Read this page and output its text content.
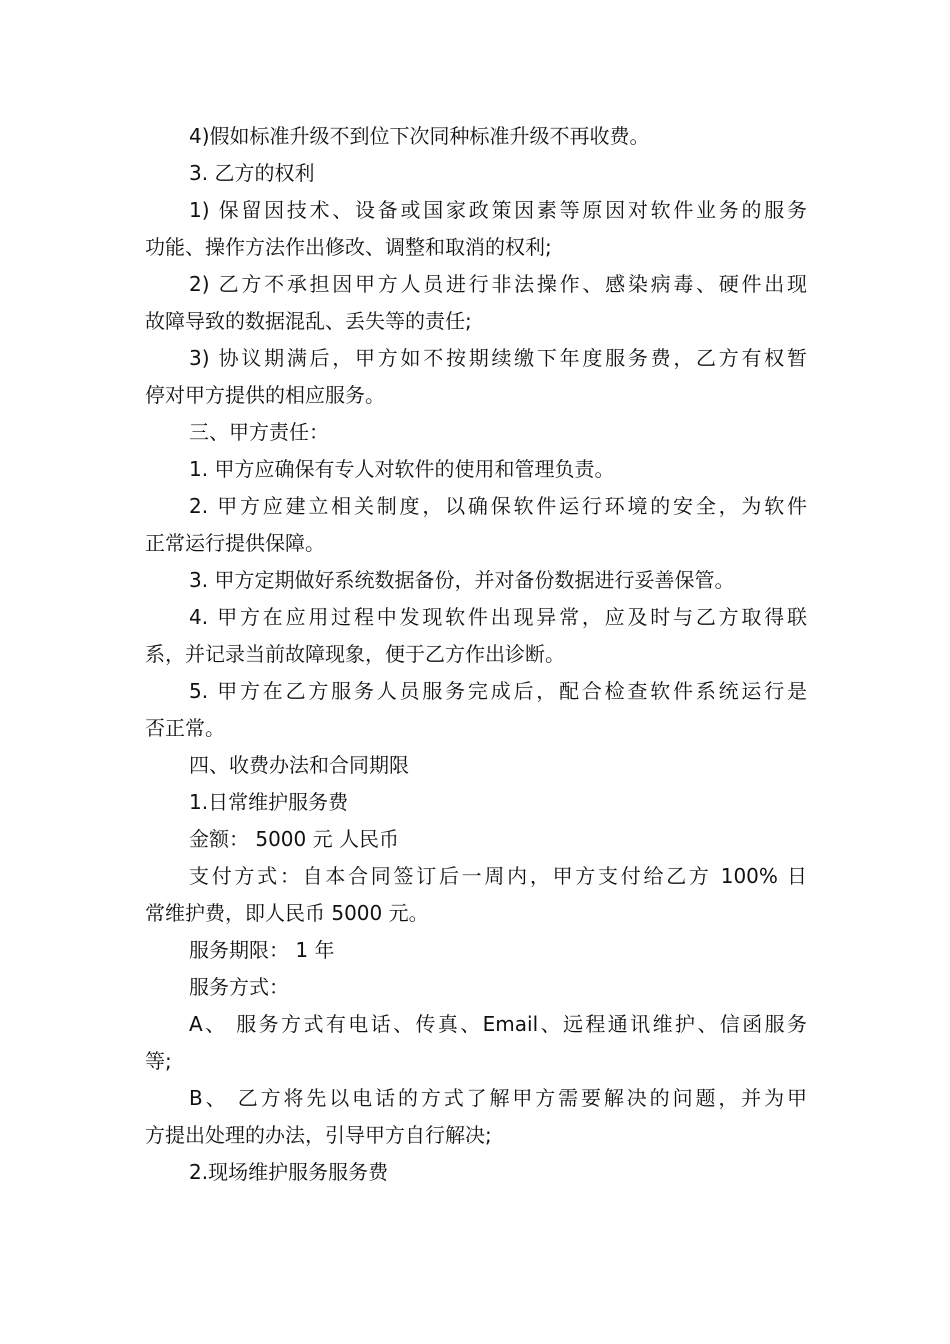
4)假如标准升级不到位下次同种标准升级不再收费。

3. 乙方的权利

1) 保留因技术、设备或国家政策因素等原因对软件业务的服务
功能、操作方法作出修改、调整和取消的权利;

2) 乙方不承担因甲方人员进行非法操作、感染病毒、硬件出现
故障导致的数据混乱、丢失等的责任;

3) 协议期满后，甲方如不按期续缴下年度服务费，乙方有权暂
停对甲方提供的相应服务。

三、甲方责任：

1. 甲方应确保有专人对软件的使用和管理负责。

2. 甲方应建立相关制度，以确保软件运行环境的安全，为软件
正常运行提供保障。

3. 甲方定期做好系统数据备份，并对备份数据进行妥善保管。

4. 甲方在应用过程中发现软件出现异常，应及时与乙方取得联
系，并记录当前故障现象，便于乙方作出诊断。

5. 甲方在乙方服务人员服务完成后，配合检查软件系统运行是
否正常。

四、收费办法和合同期限

1.日常维护服务费

金额： 5000 元 人民币

支付方式：自本合同签订后一周内，甲方支付给乙方 100% 日
常维护费，即人民币 5000 元。

服务期限： 1 年

服务方式：

A、 服务方式有电话、传真、Email、远程通讯维护、信函服务
等;

B、 乙方将先以电话的方式了解甲方需要解决的问题，并为甲
方提出处理的办法，引导甲方自行解决;

2.现场维护服务服务费
